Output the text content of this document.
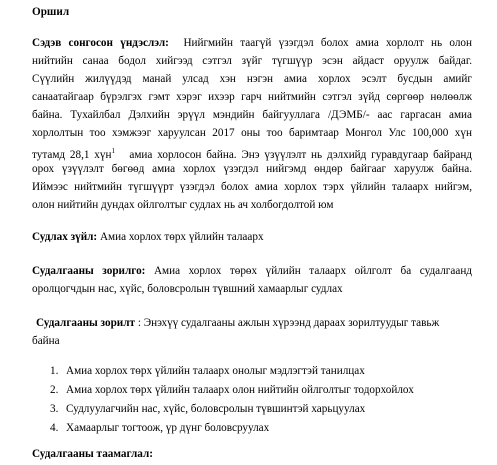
Оршил
Сэдэв сонгосон үндэслэл: Нийгмийн таагүй үзэгдэл болох амиа хорлолт нь олон
нийтийн санаа бодол хийгээд сэтгэл зүйг түгшүүр эсэн айдаст оруулж байдаг.
Сүүлийн жилүүдэд манай улсад хэн нэгэн амиа хорлох эсэлт бусдын амийг
санаатайгаар бүрэлгэх гэмт хэрэг ихээр гарч нийтмийн сэтгэл зүйд сөргөөр нөлөөлж
байна. Тухайлбал Дэлхийн эрүүл мэндийн байгууллага /ДЭМБ/- аас гаргасан амиа
хорлолтын тоо хэмжээг харуулсан 2017 оны тоо баримтаар Монгол Улс 100,000 хүн
тутамд 28,1 хүн$^1$ амиа хорлосон байна. Энэ үзүүлэлт нь дэлхийд гуравдугаар байранд
орох үзүүлэлт бөгөөд амиа хорлох үзэгдэл нийгэмд өндөр байгааг харуулж байна.
Иймээс нийтмийн түгшүүрт үзэгдэл болох амиа хорлох тэрх үйлийн талаарх нийгэм,
олон нийтийн дундах ойлголтыг судлах нь ач холбогдолтой юм
Судлах зүйл: Амиа хорлох төрх үйлийн талаарх
Судалгааны зорилго: Амиа хорлох төрөх үйлийн талаарх ойлголт ба судалгаанд
оролцогчдын нас, хүйс, боловсролын түвшний хамаарлыг судлах
Судалгааны зорилт : Энэхүү судалгааны ажлын хүрээнд дараах зорилтуудыг тавьж
байна
1. Амиа хорлох төрх үйлийн талаарх онолыг мэдлэгтэй танилцах
2. Амиа хорлох төрх үйлийн талаарх олон нийтийн ойлголтыг тодорхойлох
3. Судлуулагчийн нас, хүйс, боловсролын түвшинтэй харьцуулах
4. Хамаарлыг тогтоож, үр дүнг боловсруулах
Судалгааны таамаглал:
